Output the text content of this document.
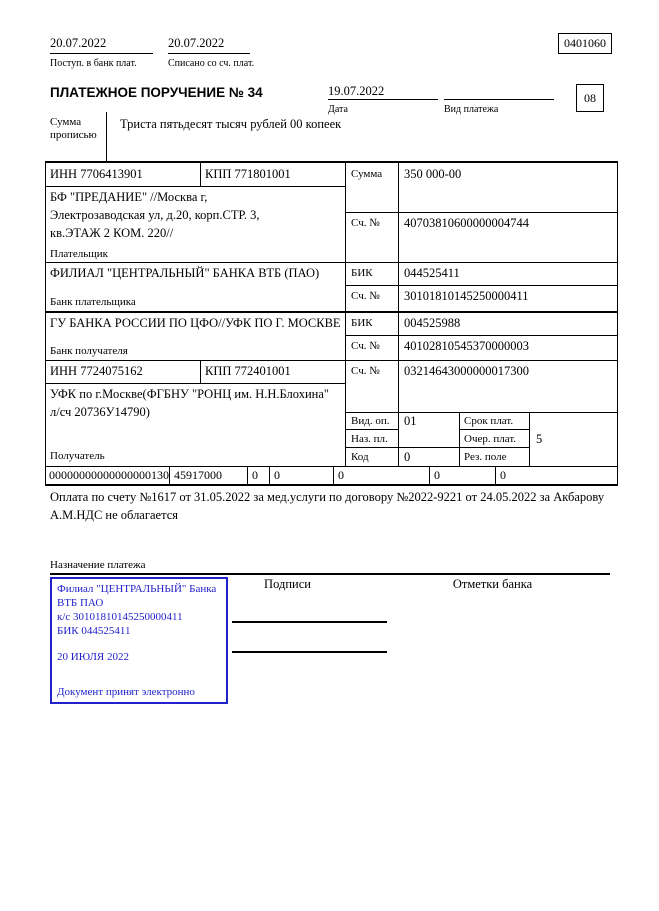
20.07.2022
Поступ. в банк плат.
20.07.2022
Списано со сч. плат.
0401060
ПЛАТЕЖНОЕ ПОРУЧЕНИЕ № 34	19.07.2022
Дата	Вид платежа
08
Сумма прописью
Триста пятьдесят тысяч рублей 00 копеек
ИНН 7706413901	КПП 771801001	Сумма 350 000-00
БФ "ПРЕДАНИЕ" //Москва г,
Электрозаводская ул, д.20, корп.СТР. 3,
кв.ЭТАЖ 2 КОМ. 220//
Плательщик
Сч. № 40703810600000004744
ФИЛИАЛ "ЦЕНТРАЛЬНЫЙ" БАНКА ВТБ (ПАО)
Банк плательщика
БИК	044525411
Сч. № 30101810145250000411
ГУ БАНКА РОССИИ ПО ЦФО//УФК ПО Г. МОСКВЕ
Банк получателя
БИК	004525988
Сч. № 40102810545370000003
ИНН 7724075162	КПП 772401001	Сч. № 03214643000000017300
УФК по г.Москве(ФГБНУ "РОНЦ им. Н.Н.Блохина"
л/сч 20736У14790)
Получатель
Вид. оп. 01	Срок плат.
Наз. пл.	Очер. плат. 5
Код	0	Рез. поле
00000000000000000130 45917000	0 0	0	0	0
Оплата по счету №1617 от 31.05.2022 за мед.услуги по договору №2022-9221 от 24.05.2022 за Акбарову А.М.НДС не облагается
Назначение платежа
Филиал "ЦЕНТРАЛЬНЫЙ" Банка
ВТБ ПАО
к/с 30101810145250000411
БИК 044525411
20 ИЮЛЯ 2022
Документ принят электронно
Подписи	Отметки банка
